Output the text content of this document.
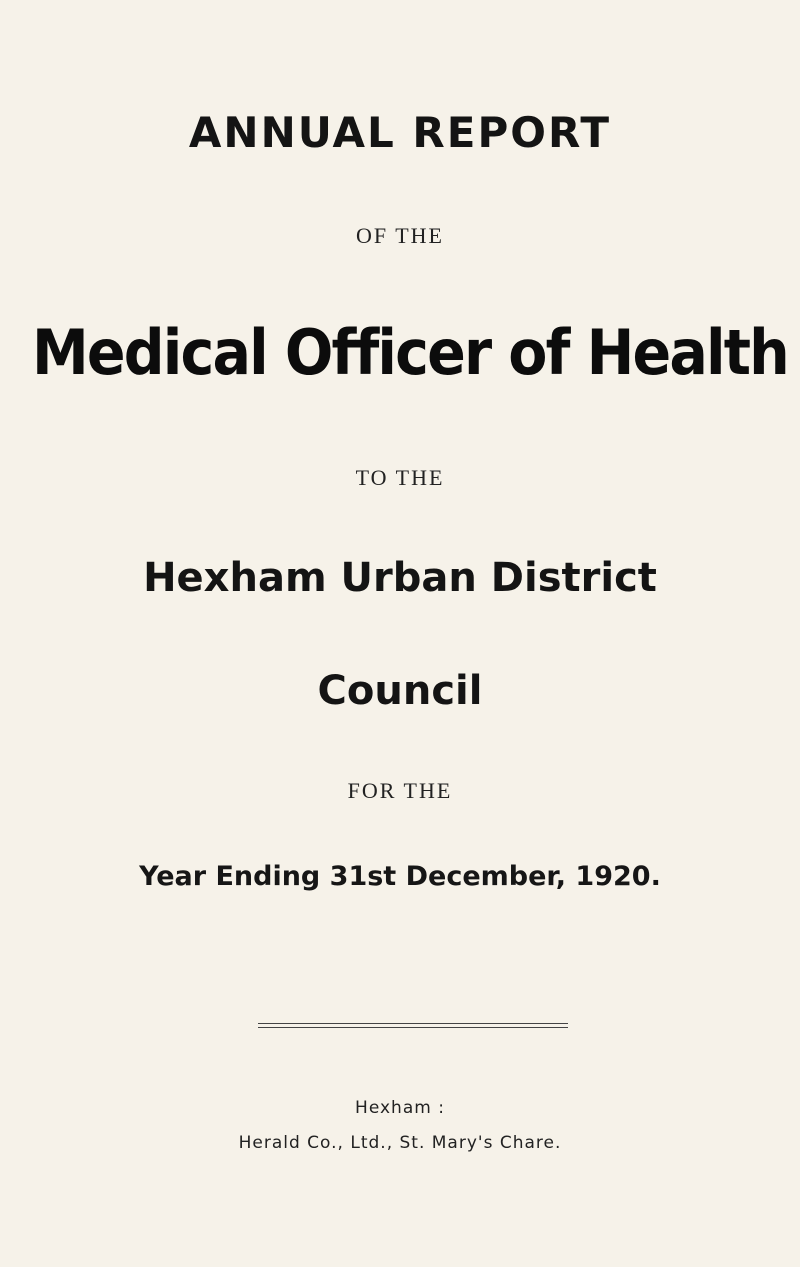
ANNUAL REPORT
OF THE
Medical Officer of Health
TO THE
Hexham Urban District
Council
FOR THE
Year Ending 31st December, 1920.
Hexham :
Herald Co., Ltd., St. Mary's Chare.
